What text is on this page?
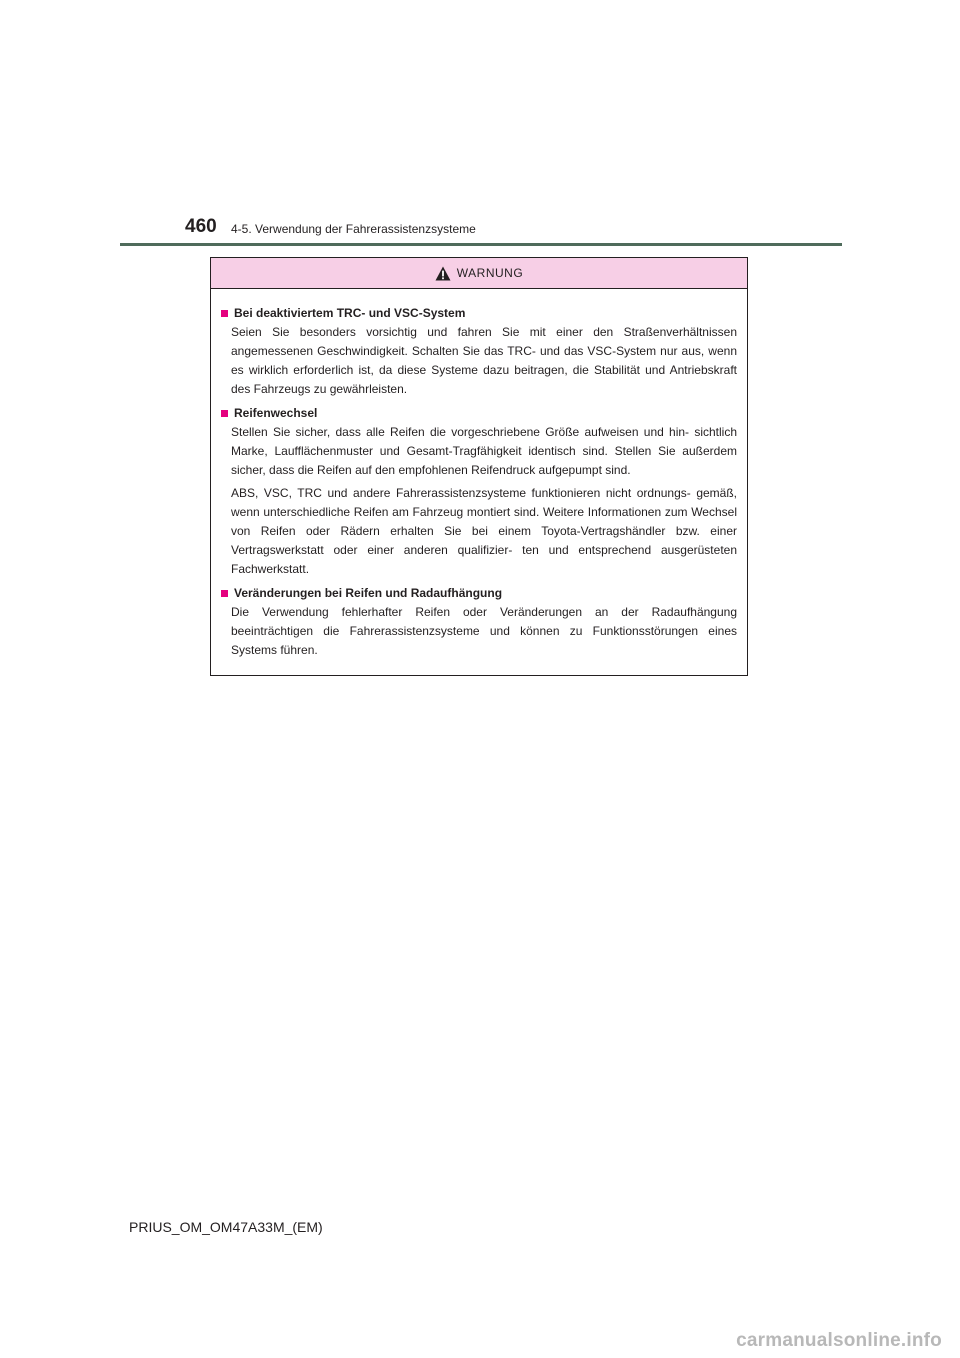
460 4-5. Verwendung der Fahrerassistenzsysteme
WARNUNG
Bei deaktiviertem TRC- und VSC-System

Seien Sie besonders vorsichtig und fahren Sie mit einer den Straßenverhältnissen angemessenen Geschwindigkeit. Schalten Sie das TRC- und das VSC-System nur aus, wenn es wirklich erforderlich ist, da diese Systeme dazu beitragen, die Stabilität und Antriebskraft des Fahrzeugs zu gewährleisten.

Reifenwechsel

Stellen Sie sicher, dass alle Reifen die vorgeschriebene Größe aufweisen und hin- sichtlich Marke, Laufflächenmuster und Gesamt-Tragfähigkeit identisch sind. Stellen Sie außerdem sicher, dass die Reifen auf den empfohlenen Reifendruck aufgepumpt sind.

ABS, VSC, TRC und andere Fahrerassistenzsysteme funktionieren nicht ordnungs- gemäß, wenn unterschiedliche Reifen am Fahrzeug montiert sind. Weitere Informationen zum Wechsel von Reifen oder Rädern erhalten Sie bei einem Toyota-Vertragshändler bzw. einer Vertragswerkstatt oder einer anderen qualifizier- ten und entsprechend ausgerüsteten Fachwerkstatt.

Veränderungen bei Reifen und Radaufhängung

Die Verwendung fehlerhafter Reifen oder Veränderungen an der Radaufhängung beeinträchtigen die Fahrerassistenzsysteme und können zu Funktionsstörungen eines Systems führen.

PRIUS_OM_OM47A33M_(EM)
carmanualsonline.info
